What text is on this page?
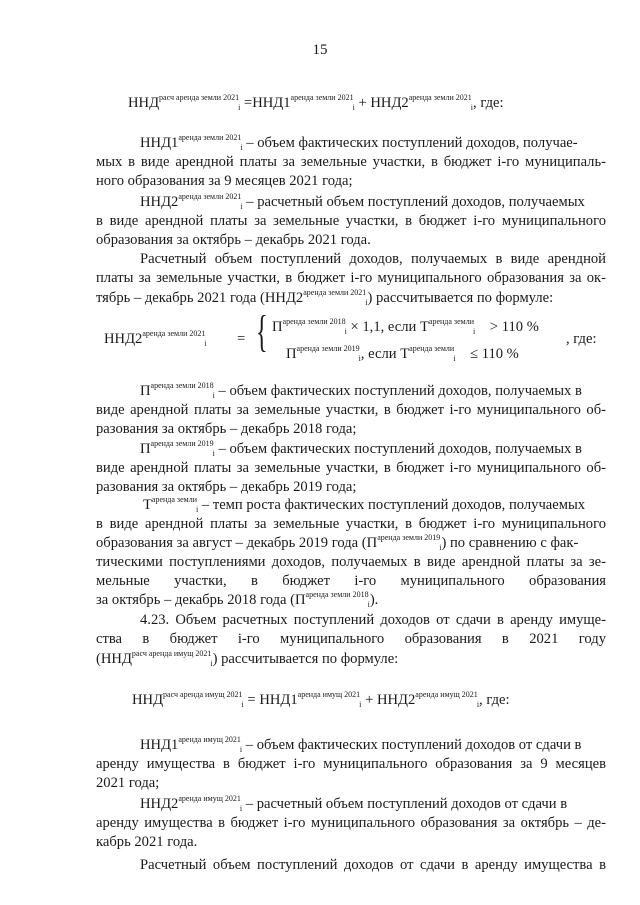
15
$ННД^{расч аренда земли 2021}_i =ННД1^{аренда земли 2021}_i + ННД2^{аренда земли 2021}_i$, где:
$ННД1^{аренда земли 2021}_i$ – объем фактических поступлений доходов, получае-
мых в виде арендной платы за земельные участки, в бюджет i-го муниципаль-
ного образования за 9 месяцев 2021 года;
$ННД2^{аренда земли 2021}_i$ – расчетный объем поступлений доходов, получаемых
в виде арендной платы за земельные участки, в бюджет i-го муниципального
образования за октябрь – декабрь 2021 года.
Расчетный объем поступлений доходов, получаемых в виде арендной
платы за земельные участки, в бюджет i-го муниципального образования за ок-
тябрь – декабрь 2021 года $(ННД2^{аренда земли 2021}_i)$ рассчитывается по формуле:
$ННД2^{аренда земли 2021}_i$ = { $П^{аренда земли 2018}_i \times 1,1$, если $Т^{аренда земли}_i > 110$ %
$П^{аренда земли 2019}_i$, если $Т^{аренда земли}_i \le 110$ %
, где:
$П^{аренда земли 2018}_i$ – объем фактических поступлений доходов, получаемых в
виде арендной платы за земельные участки, в бюджет i-го муниципального об-
разования за октябрь – декабрь 2018 года;
$П^{аренда земли 2019}_i$ – объем фактических поступлений доходов, получаемых в
виде арендной платы за земельные участки, в бюджет i-го муниципального об-
разования за октябрь – декабрь 2019 года;
$Т^{аренда земли}_i$ – темп роста фактических поступлений доходов, получаемых
в виде арендной платы за земельные участки, в бюджет i-го муниципального
образования за август – декабрь 2019 года $(П^{аренда земли 2019}_i)$ по сравнению с фак-
тическими поступлениями доходов, получаемых в виде арендной платы за зе-
мельные участки, в бюджет i-го муниципального образования
за октябрь – декабрь 2018 года $(П^{аренда земли 2018}_i)$.
4.23. Объем расчетных поступлений доходов от сдачи в аренду имуще-
ства в бюджет i-го муниципального образования в 2021 году
$(ННД^{расч аренда имущ 2021}_i)$ рассчитывается по формуле:
$ННД^{расч аренда имущ 2021}_i = ННД1^{аренда имущ 2021}_i + ННД2^{аренда имущ 2021}_i$, где:
$ННД1^{аренда имущ 2021}_i$ – объем фактических поступлений доходов от сдачи в
аренду имущества в бюджет i-го муниципального образования за 9 месяцев
2021 года;
$ННД2^{аренда имущ 2021}_i$ – расчетный объем поступлений доходов от сдачи в
аренду имущества в бюджет i-го муниципального образования за октябрь – де-
кабрь 2021 года.
Расчетный объем поступлений доходов от сдачи в аренду имущества в
